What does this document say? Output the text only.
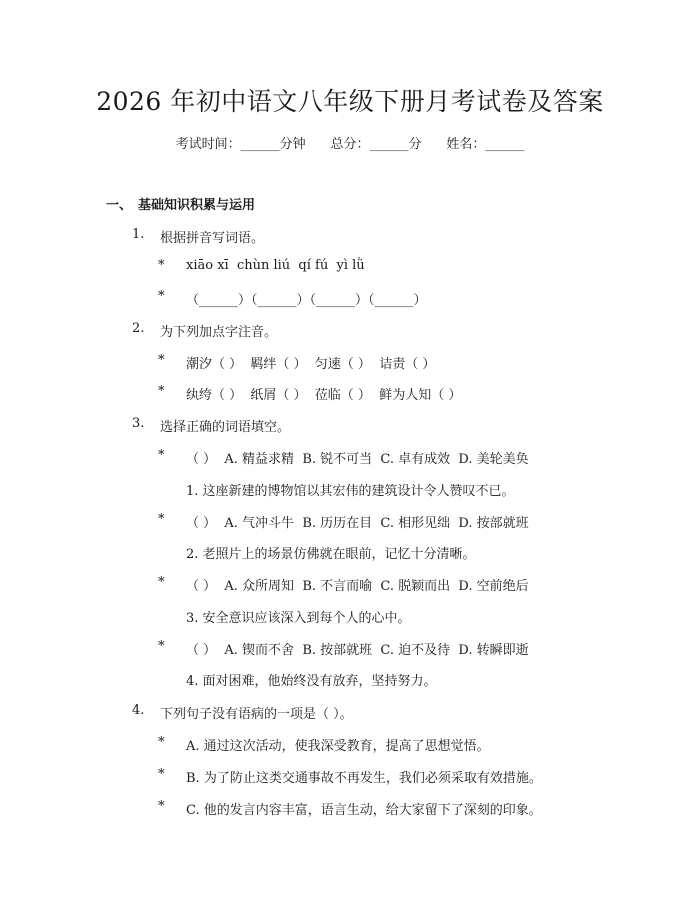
2026 年初中语文八年级下册月考试卷及答案
考试时间：______分钟 总分：______分 姓名：______
一、 基础知识积累与运用
1. 根据拼音写词语。
* xiāo xī  chùn liú  qí fú  yì lǜ
* （______）（______）（______）（______）
2. 为下列加点字注音。
* 潮汐（ ）  羁绊（ ）  匀速（ ）  诘责（ ）
* 纨绔（ ）  纸屑（ ）  莅临（ ）  鲜为人知（ ）
3. 选择正确的词语填空。
* （ ）  A. 精益求精  B. 锐不可当  C. 卓有成效  D. 美轮美奂
1. 这座新建的博物馆以其宏伟的建筑设计令人赞叹不已。
* （ ）  A. 气冲斗牛  B. 历历在目  C. 相形见绌  D. 按部就班
2. 老照片上的场景仿佛就在眼前，记忆十分清晰。
* （ ）  A. 众所周知  B. 不言而喻  C. 脱颖而出  D. 空前绝后
3. 安全意识应该深入到每个人的心中。
* （ ）  A. 锲而不舍  B. 按部就班  C. 迫不及待  D. 转瞬即逝
4. 面对困难，他始终没有放弃，坚持努力。
4. 下列句子没有语病的一项是（ ）。
* A. 通过这次活动，使我深受教育，提高了思想觉悟。
* B. 为了防止这类交通事故不再发生，我们必须采取有效措施。
* C. 他的发言内容丰富，语言生动，给大家留下了深刻的印象。
